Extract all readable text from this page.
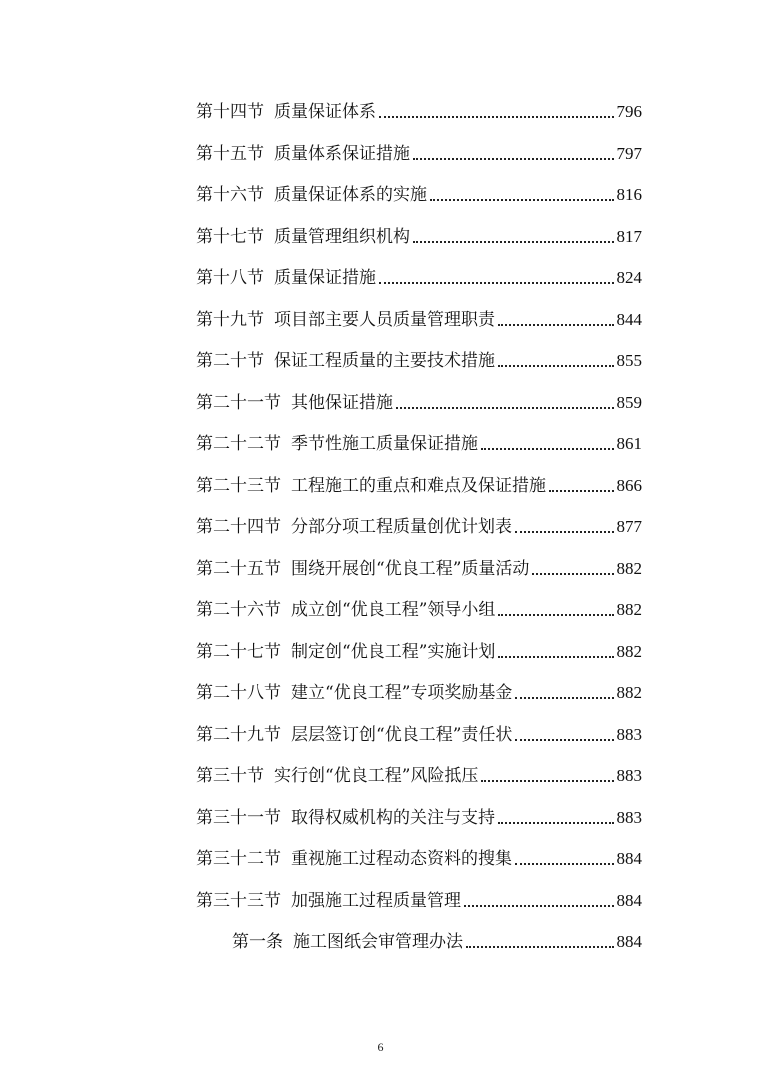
第十四节 质量保证体系	796
第十五节 质量体系保证措施	797
第十六节 质量保证体系的实施	816
第十七节 质量管理组织机构	817
第十八节 质量保证措施	824
第十九节 项目部主要人员质量管理职责	844
第二十节 保证工程质量的主要技术措施	855
第二十一节 其他保证措施	859
第二十二节 季节性施工质量保证措施	861
第二十三节 工程施工的重点和难点及保证措施	866
第二十四节 分部分项工程质量创优计划表	877
第二十五节 围绕开展创“优良工程”质量活动	882
第二十六节 成立创“优良工程”领导小组	882
第二十七节 制定创“优良工程”实施计划	882
第二十八节 建立“优良工程”专项奖励基金	882
第二十九节 层层签订创“优良工程”责任状	883
第三十节 实行创“优良工程”风险抵压	883
第三十一节 取得权威机构的关注与支持	883
第三十二节 重视施工过程动态资料的搜集	884
第三十三节 加强施工过程质量管理	884
第一条 施工图纸会审管理办法	884
6
